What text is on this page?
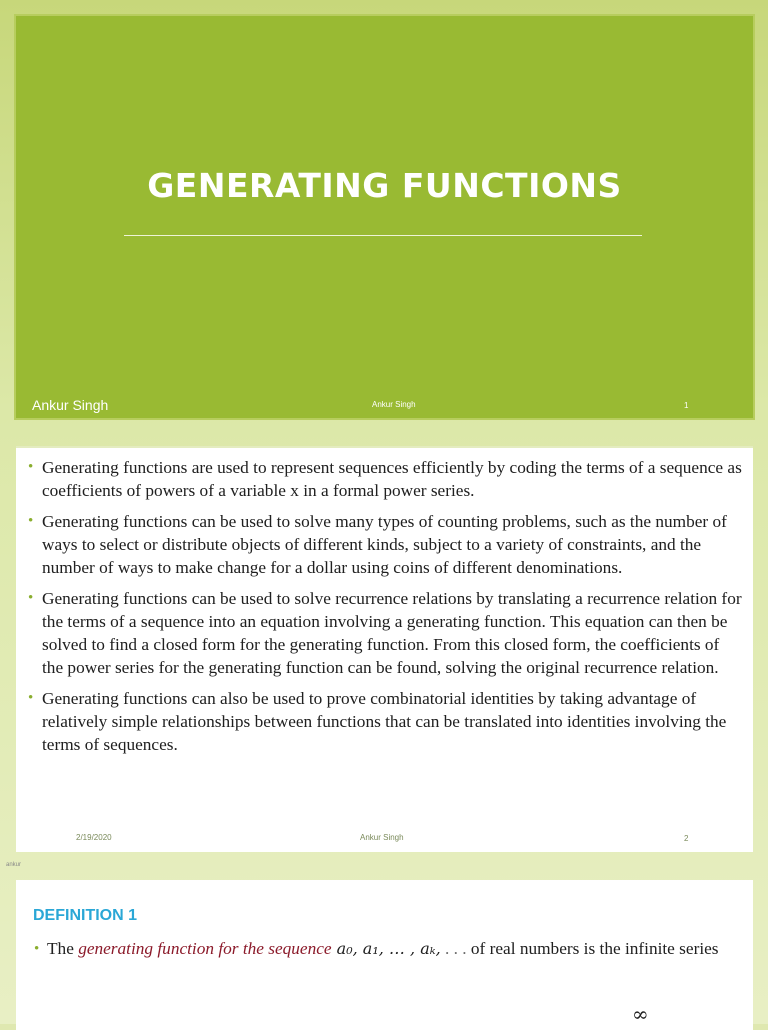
GENERATING FUNCTIONS
Ankur Singh	Ankur Singh	1
• Generating functions are used to represent sequences efficiently by coding the terms of a sequence as coefficients of powers of a variable x in a formal power series.
• Generating functions can be used to solve many types of counting problems, such as the number of ways to select or distribute objects of different kinds, subject to a variety of constraints, and the number of ways to make change for a dollar using coins of different denominations.
• Generating functions can be used to solve recurrence relations by translating a recurrence relation for the terms of a sequence into an equation involving a generating function. This equation can then be solved to find a closed form for the generating function. From this closed form, the coefficients of the power series for the generating function can be found, solving the original recurrence relation.
• Generating functions can also be used to prove combinatorial identities by taking advantage of relatively simple relationships between functions that can be translated into identities involving the terms of sequences.
2/19/2020	Ankur Singh	2
ankur
DEFINITION 1
• The generating function for the sequence a₀, a₁, … , aₖ, . . . of real numbers is the infinite series
∞
